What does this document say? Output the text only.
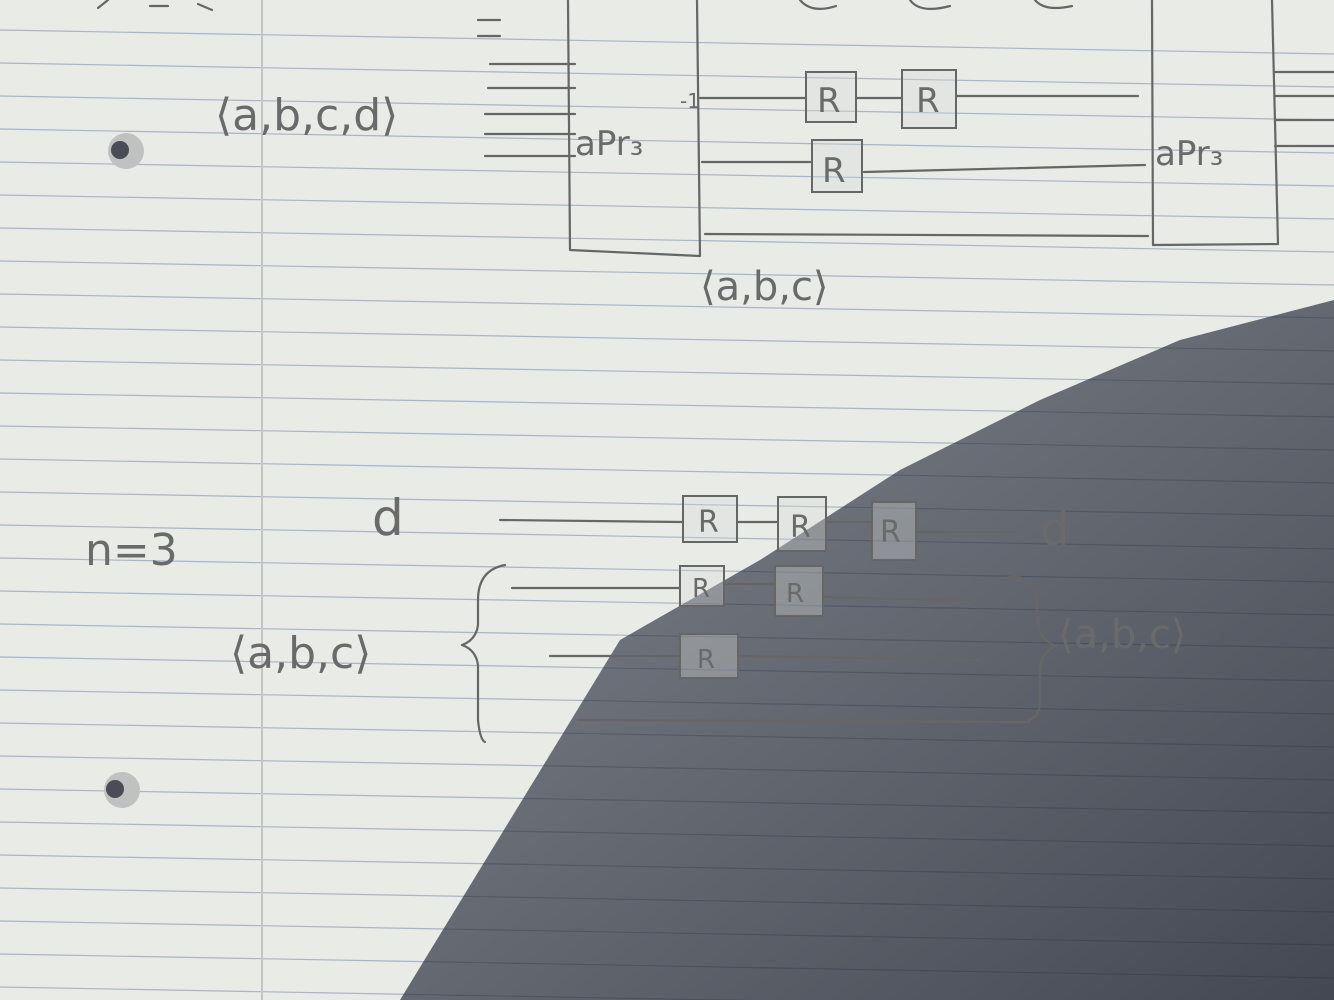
⟨a,b,c,d⟩
aPr₃
-1	R R
R
⟨a,b,c⟩
aPr₃
n=3
d	d
R R R
⟨a,b,c⟩
R	R
R
⟨a,b,c⟩
